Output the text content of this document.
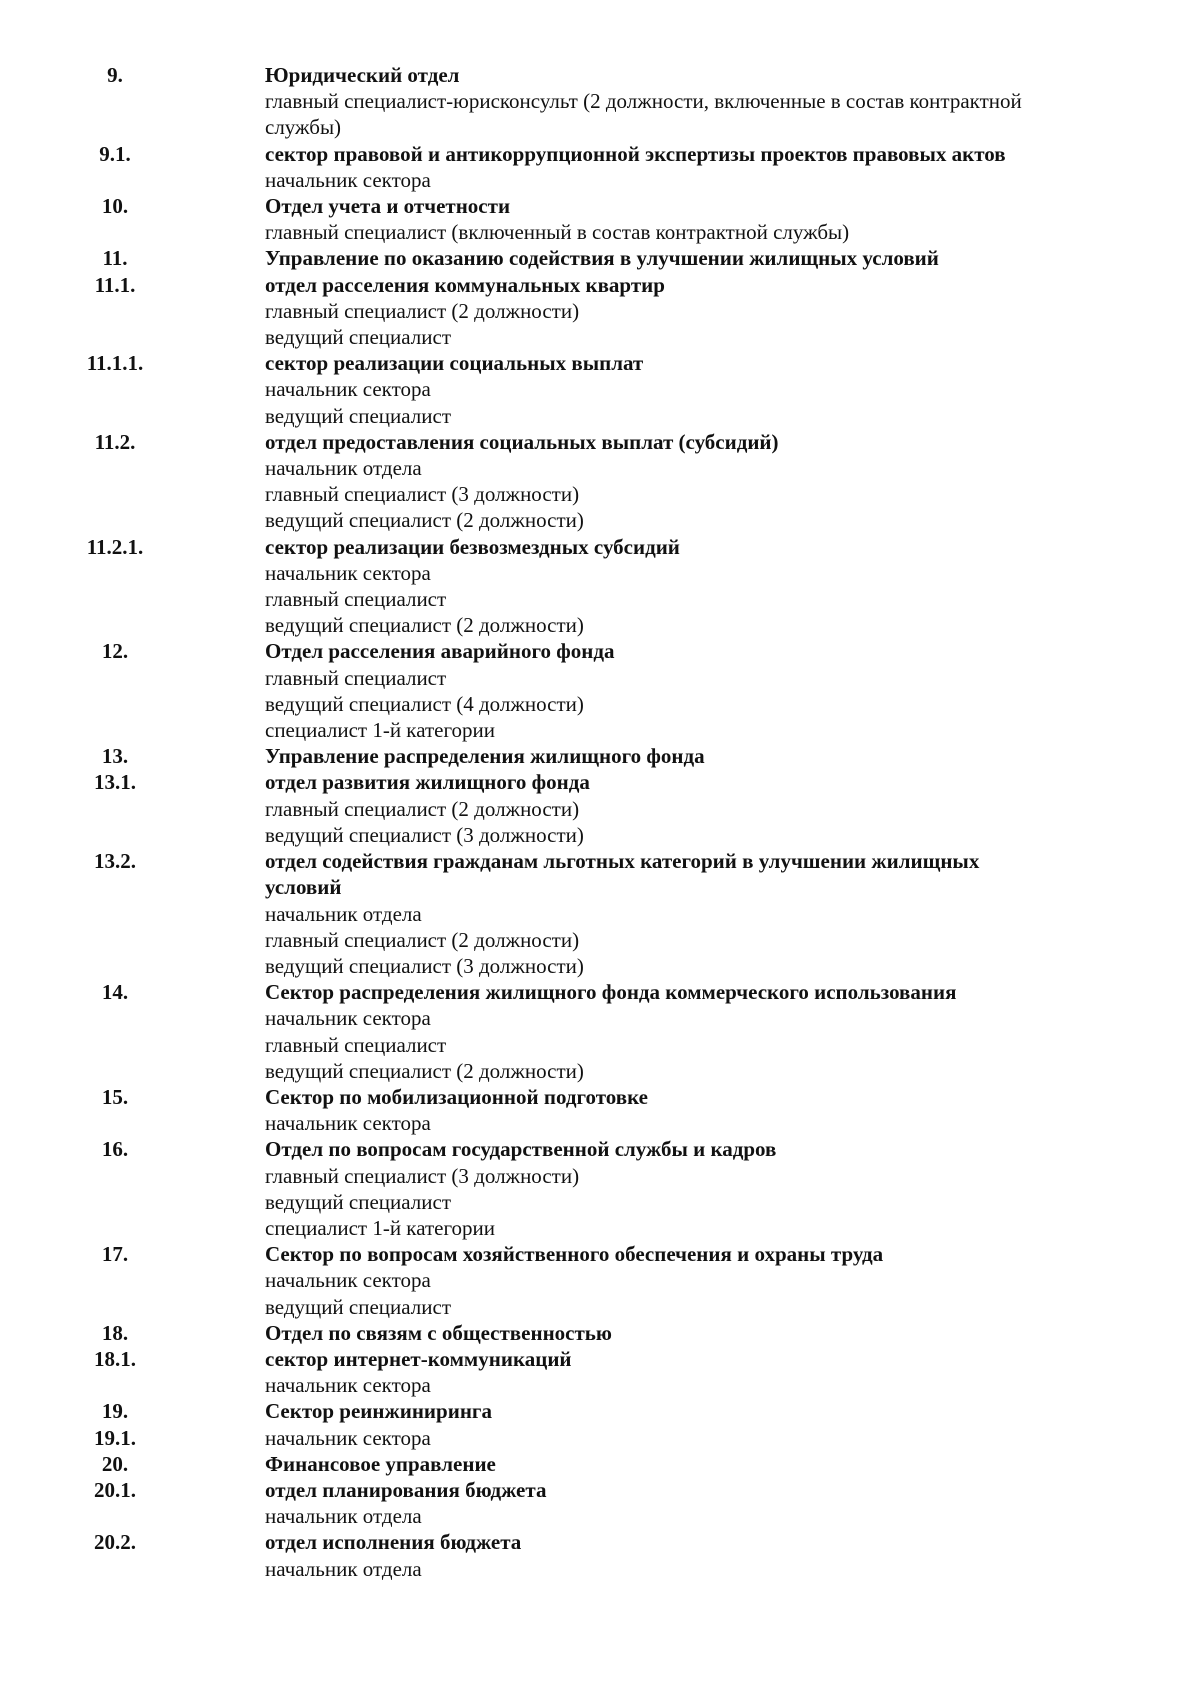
9.	Юридический отдел
главный специалист-юрисконсульт (2 должности, включенные в состав контрактной службы)
9.1.	сектор правовой и антикоррупционной экспертизы проектов правовых актов
начальник сектора
10.	Отдел учета и отчетности
главный специалист (включенный в состав контрактной службы)
11.	Управление по оказанию содействия в улучшении жилищных условий
11.1.	отдел расселения коммунальных квартир
главный специалист (2 должности)
ведущий специалист
11.1.1.	сектор реализации социальных выплат
начальник сектора
ведущий специалист
11.2.	отдел предоставления социальных выплат (субсидий)
начальник отдела
главный специалист (3 должности)
ведущий специалист (2 должности)
11.2.1.	сектор реализации безвозмездных субсидий
начальник сектора
главный специалист
ведущий специалист (2 должности)
12.	Отдел расселения аварийного фонда
главный специалист
ведущий специалист (4 должности)
специалист 1-й категории
13.	Управление распределения жилищного фонда
13.1.	отдел развития жилищного фонда
главный специалист (2 должности)
ведущий специалист (3 должности)
13.2.	отдел содействия гражданам льготных категорий в улучшении жилищных условий
начальник отдела
главный специалист (2 должности)
ведущий специалист (3 должности)
14.	Сектор распределения жилищного фонда коммерческого использования
начальник сектора
главный специалист
ведущий специалист (2 должности)
15.	Сектор по мобилизационной подготовке
начальник сектора
16.	Отдел по вопросам государственной службы и кадров
главный специалист (3 должности)
ведущий специалист
специалист 1-й категории
17.	Сектор по вопросам хозяйственного обеспечения и охраны труда
начальник сектора
ведущий специалист
18.	Отдел по связям с общественностью
18.1.	сектор интернет-коммуникаций
начальник сектора
19.	Сектор реинжиниринга
19.1.	начальник сектора
20.	Финансовое управление
20.1.	отдел планирования бюджета
начальник отдела
20.2.	отдел исполнения бюджета
начальник отдела
